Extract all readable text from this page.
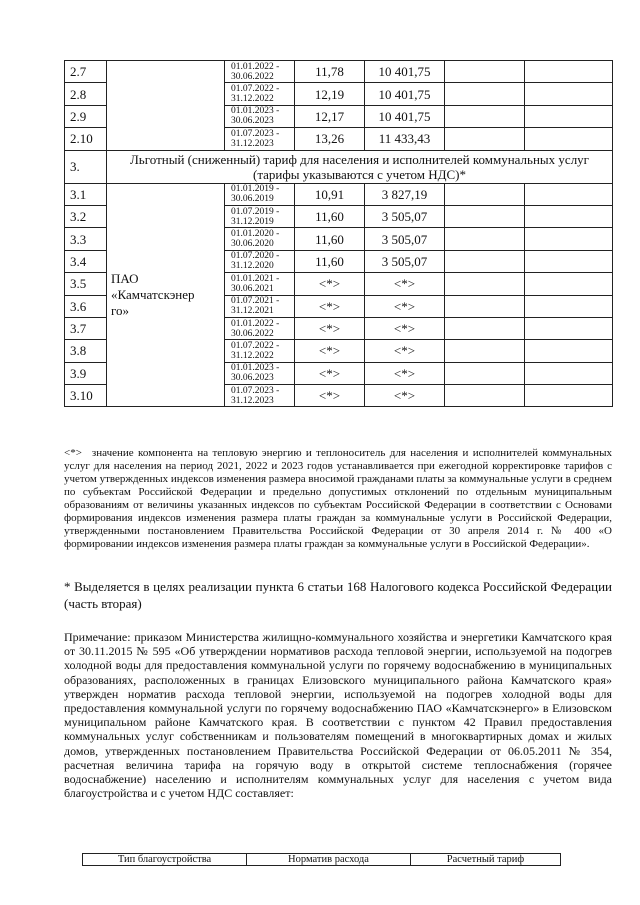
2.7		01.01.2022 -
30.06.2022	11,78	10 401,75		
2.8		01.07.2022 -
31.12.2022	12,19	10 401,75		
2.9		01.01.2023 -
30.06.2023	12,17	10 401,75		
2.10		01.07.2023 -
31.12.2023	13,26	11 433,43		
3.	Льготный (сниженный) тариф для населения и исполнителей коммунальных услуг
(тарифы указываются с учетом НДС)*					
3.1	ПАО
«Камчатскэнер
го»	01.01.2019 -
30.06.2019	10,91	3 827,19		
3.2		01.07.2019 -
31.12.2019	11,60	3 505,07		
3.3		01.01.2020 -
30.06.2020	11,60	3 505,07		
3.4		01.07.2020 -
31.12.2020	11,60	3 505,07		
3.5		01.01.2021 -
30.06.2021	<*>	<*>		
3.6		01.07.2021 -
31.12.2021	<*>	<*>		
3.7		01.01.2022 -
30.06.2022	<*>	<*>		
3.8		01.07.2022 -
31.12.2022	<*>	<*>		
3.9		01.01.2023 -
30.06.2023	<*>	<*>		
3.10		01.07.2023 -
31.12.2023	<*>	<*>		

<*> значение компонента на тепловую энергию и теплоноситель для населения и исполнителей коммунальных услуг для населения на период 2021, 2022 и 2023 годов устанавливается при ежегодной корректировке тарифов с учетом утвержденных индексов изменения размера вносимой гражданами платы за коммунальные услуги в среднем по субъектам Российской Федерации и предельно допустимых отклонений по отдельным муниципальным образованиям от величины указанных индексов по субъектам Российской Федерации в соответствии с Основами формирования индексов изменения размера платы граждан за коммунальные услуги в Российской Федерации, утвержденными постановлением Правительства Российской Федерации от 30 апреля 2014 г. № 400 «О формировании индексов изменения размера платы граждан за коммунальные услуги в Российской Федерации».

* Выделяется в целях реализации пункта 6 статьи 168 Налогового кодекса Российской Федерации (часть вторая)

Примечание: приказом Министерства жилищно-коммунального хозяйства и энергетики Камчатского края от 30.11.2015 № 595 «Об утверждении нормативов расхода тепловой энергии, используемой на подогрев холодной воды для предоставления коммунальной услуги по горячему водоснабжению в муниципальных образованиях, расположенных в границах Елизовского муниципального района Камчатского края» утвержден норматив расхода тепловой энергии, используемой на подогрев холодной воды для предоставления коммунальной услуги по горячему водоснабжению ПАО «Камчатскэнерго» в Елизовском муниципальном районе Камчатского края. В соответствии с пунктом 42 Правил предоставления коммунальных услуг собственникам и пользователям помещений в многоквартирных домах и жилых домов, утвержденных постановлением Правительства Российской Федерации от 06.05.2011 № 354, расчетная величина тарифа на горячую воду в открытой системе теплоснабжения (горячее водоснабжение) населению и исполнителям коммунальных услуг для населения с учетом вида благоустройства и с учетом НДС составляет:

Тип благоустройства	Норматив расхода	Расчетный тариф
